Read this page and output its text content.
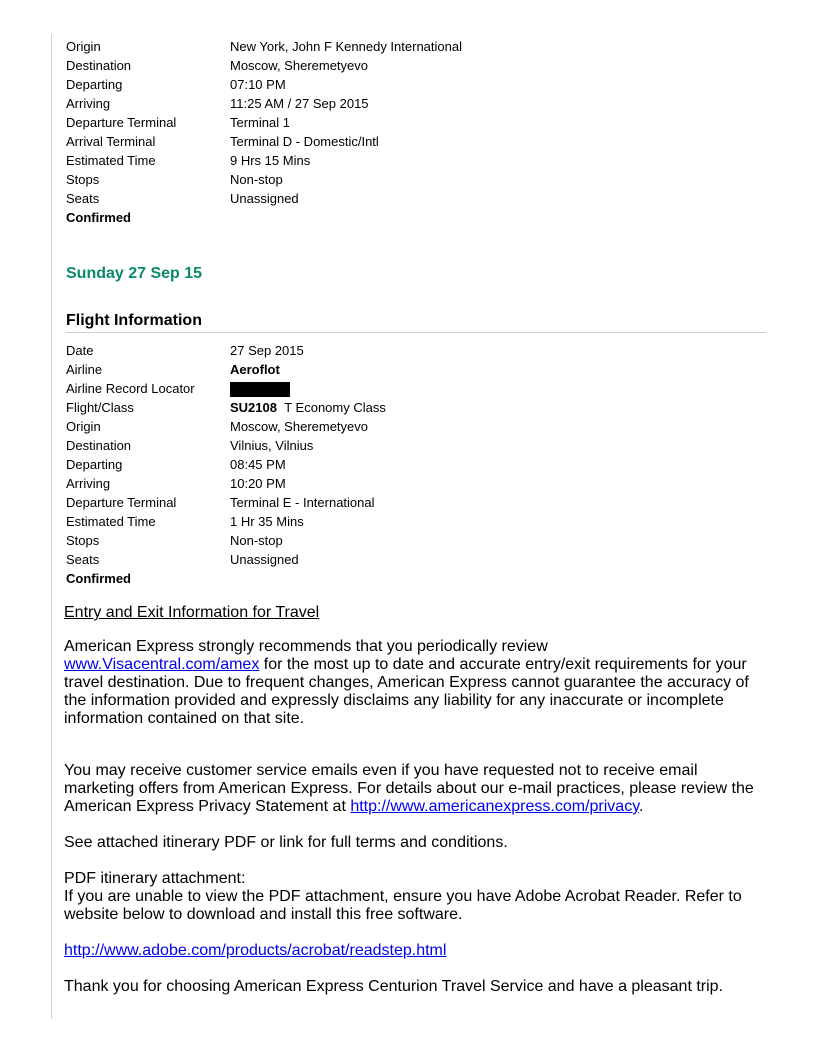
Origin	New York, John F Kennedy International
Destination	Moscow, Sheremetyevo
Departing	07:10 PM
Arriving	11:25 AM / 27 Sep 2015
Departure Terminal	Terminal 1
Arrival Terminal	Terminal D - Domestic/Intl
Estimated Time	9 Hrs 15 Mins
Stops	Non-stop
Seats	Unassigned
Confirmed
Sunday 27 Sep 15
Flight Information
Date	27 Sep 2015
Airline	Aeroflot
Airline Record Locator
Flight/Class	SU2108 T Economy Class
Origin	Moscow, Sheremetyevo
Destination	Vilnius, Vilnius
Departing	08:45 PM
Arriving	10:20 PM
Departure Terminal	Terminal E - International
Estimated Time	1 Hr 35 Mins
Stops	Non-stop
Seats	Unassigned
Confirmed
Entry and Exit Information for Travel
American Express strongly recommends that you periodically review
www.Visacentral.com/amex for the most up to date and accurate entry/exit requirements for your travel destination. Due to frequent changes, American Express cannot guarantee the accuracy of the information provided and expressly disclaims any liability for any inaccurate or incomplete information contained on that site.
You may receive customer service emails even if you have requested not to receive email marketing offers from American Express. For details about our e-mail practices, please review the American Express Privacy Statement at http://www.americanexpress.com/privacy.
See attached itinerary PDF or link for full terms and conditions.
PDF itinerary attachment:
If you are unable to view the PDF attachment, ensure you have Adobe Acrobat Reader. Refer to website below to download and install this free software.
http://www.adobe.com/products/acrobat/readstep.html
Thank you for choosing American Express Centurion Travel Service and have a pleasant trip.
